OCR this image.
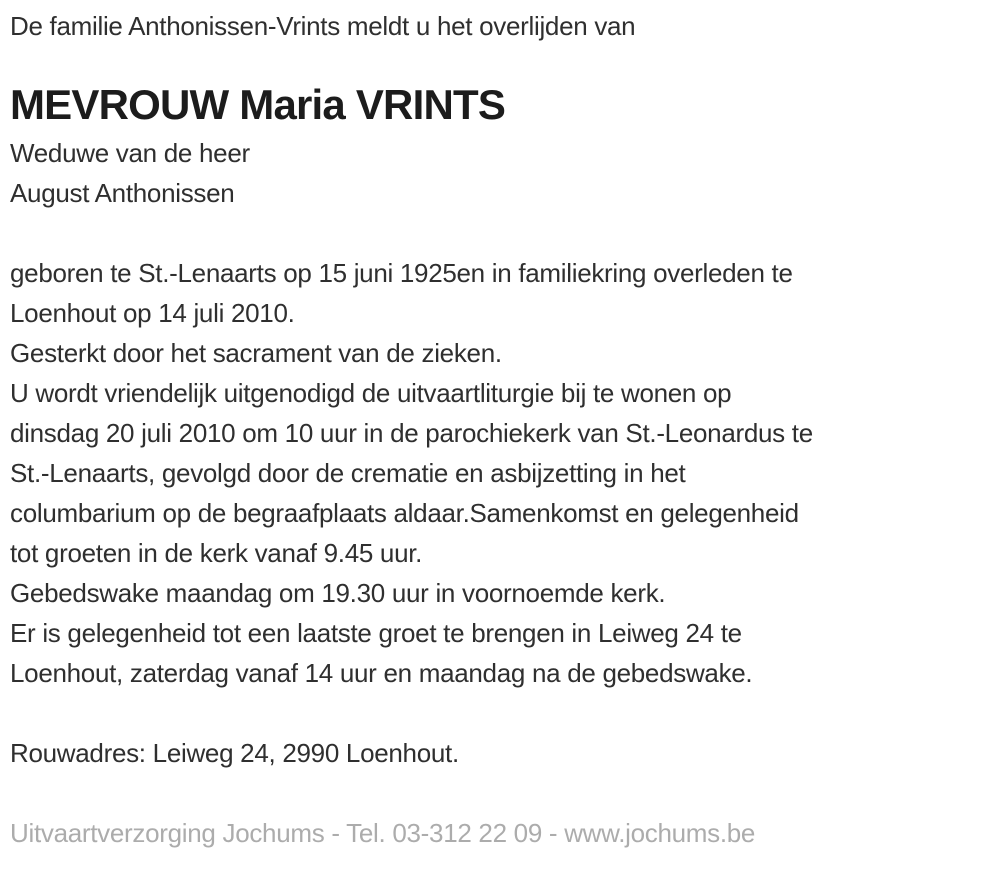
De familie Anthonissen-Vrints meldt u het overlijden van
MEVROUW Maria VRINTS
Weduwe van de heer
August Anthonissen
geboren te St.-Lenaarts op 15 juni 1925en in familiekring overleden te
Loenhout op 14 juli 2010.
Gesterkt door het sacrament van de zieken.
U wordt vriendelijk uitgenodigd de uitvaartliturgie bij te wonen op
dinsdag 20 juli 2010 om 10 uur in de parochiekerk van St.-Leonardus te
St.-Lenaarts, gevolgd door de crematie en asbijzetting in het
columbarium op de begraafplaats aldaar.Samenkomst en gelegenheid
tot groeten in de kerk vanaf 9.45 uur.
Gebedswake maandag om 19.30 uur in voornoemde kerk.
Er is gelegenheid tot een laatste groet te brengen in Leiweg 24 te
Loenhout, zaterdag vanaf 14 uur en maandag na de gebedswake.
Rouwadres: Leiweg 24, 2990 Loenhout.
Uitvaartverzorging Jochums - Tel. 03-312 22 09 - www.jochums.be
